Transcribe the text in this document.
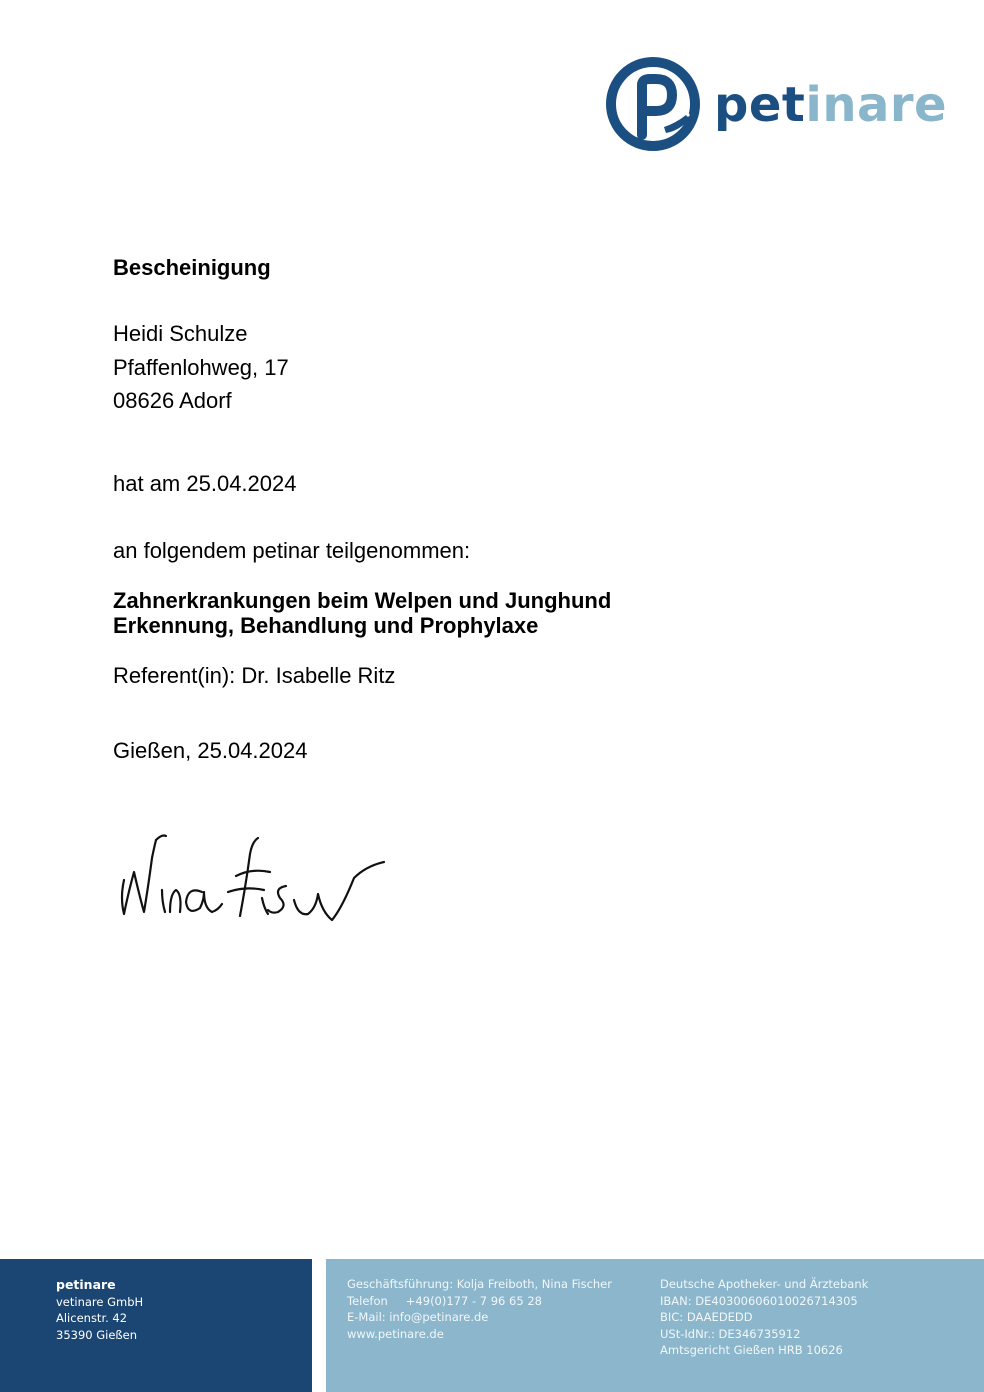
petinare
Bescheinigung
Heidi Schulze
Pfaffenlohweg, 17
08626 Adorf
hat am 25.04.2024
an folgendem petinar teilgenommen:
Zahnerkrankungen beim Welpen und Junghund
Erkennung, Behandlung und Prophylaxe
Referent(in): Dr. Isabelle Ritz
Gießen, 25.04.2024
petinare
vetinare GmbH
Alicenstr. 42
35390 Gießen
Geschäftsführung: Kolja Freiboth, Nina Fischer
Telefon +49(0)177 - 7 96 65 28
E-Mail: info@petinare.de
www.petinare.de
Deutsche Apotheker- und Ärztebank
IBAN: DE40300606010026714305
BIC: DAAEDEDD
USt-IdNr.: DE346735912
Amtsgericht Gießen HRB 10626
